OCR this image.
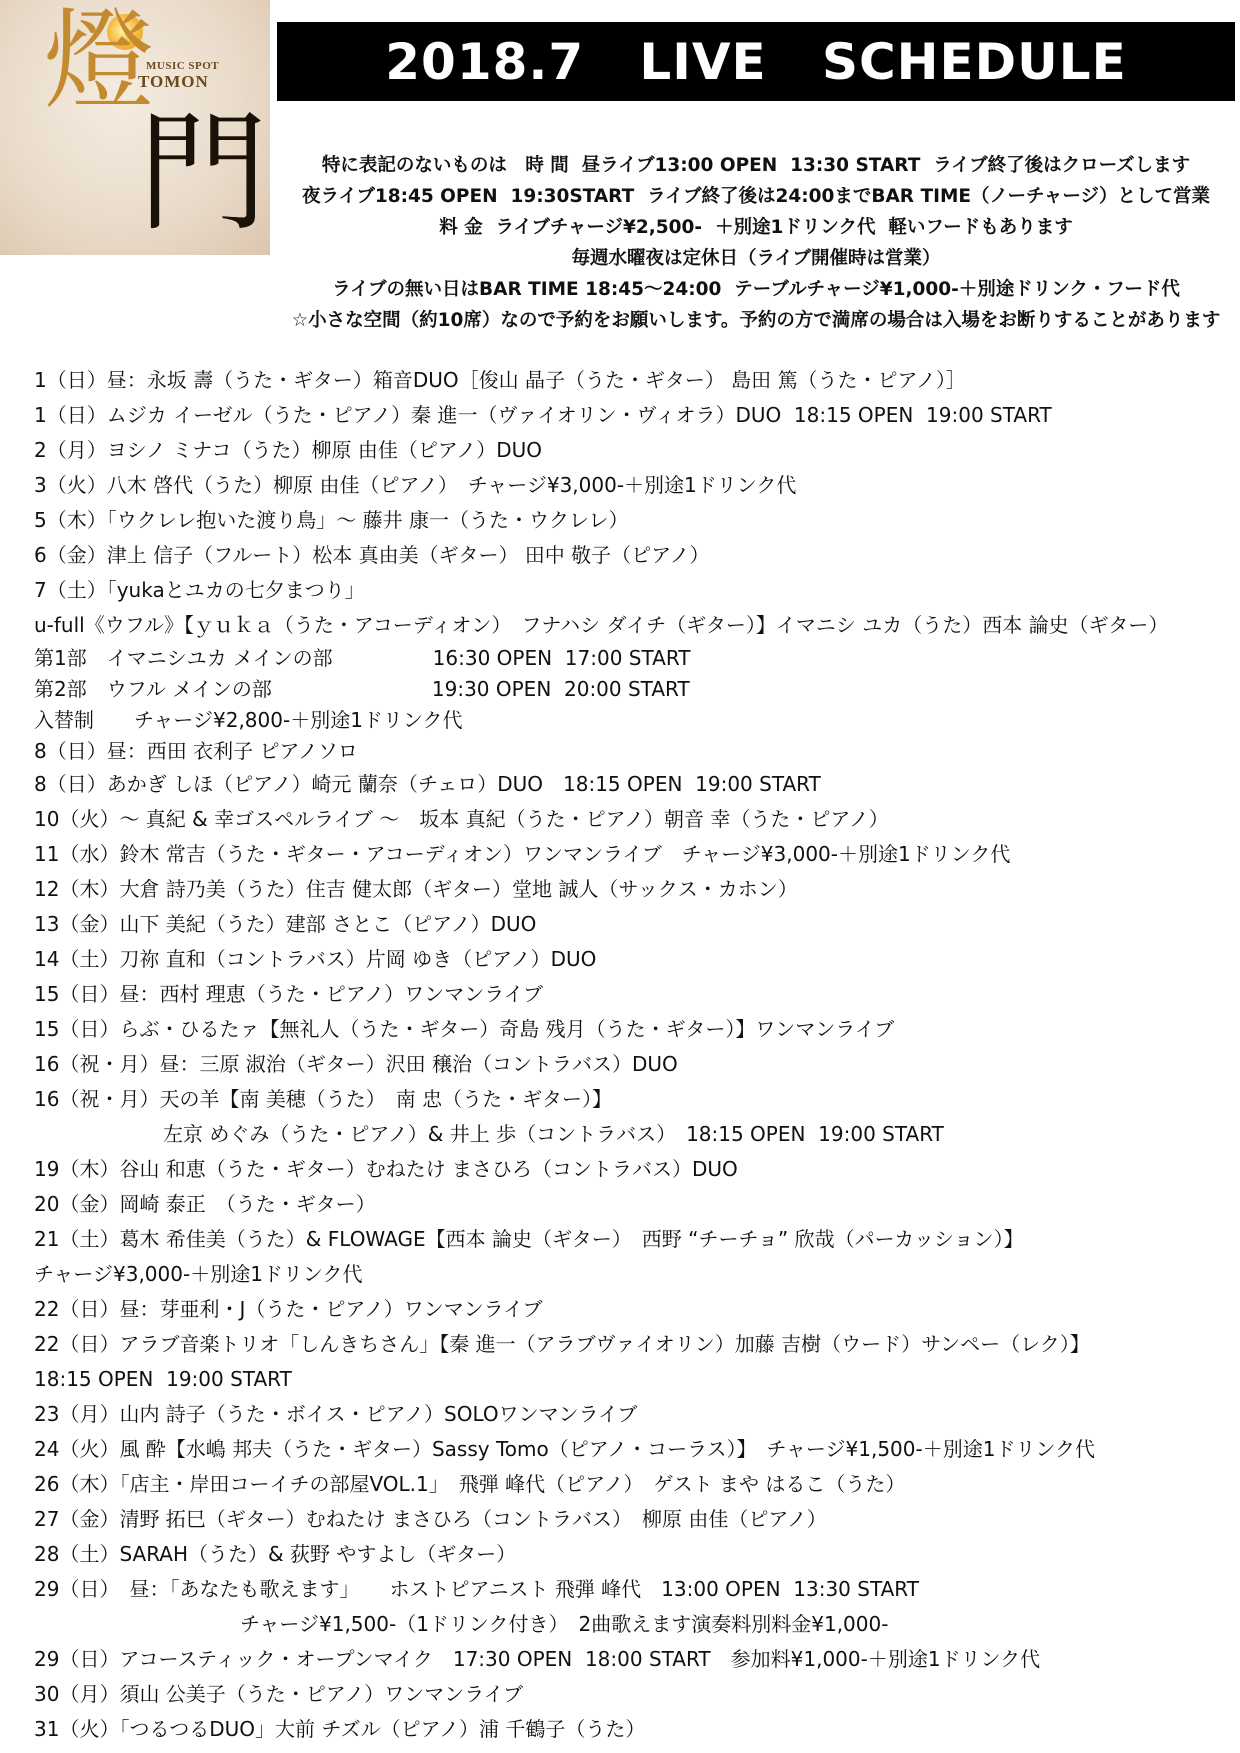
燈
MUSIC SPOT
TOMON
門
2018.7   LIVE   SCHEDULE
特に表記のないものは　時 間  昼ライブ13:00 OPEN  13:30 START  ライブ終了後はクローズします
夜ライブ18:45 OPEN  19:30START  ライブ終了後は24:00までBAR TIME（ノーチャージ）として営業
料 金  ライブチャージ¥2,500-  ＋別途1ドリンク代  軽いフードもあります
毎週水曜夜は定休日（ライブ開催時は営業）
ライブの無い日はBAR TIME 18:45〜24:00  テーブルチャージ¥1,000-＋別途ドリンク・フード代
☆小さな空間（約10席）なので予約をお願いします。予約の方で満席の場合は入場をお断りすることがあります
1（日）昼：永坂 壽（うた・ギター）箱音DUO［俊山 晶子（うた・ギター） 島田 篤（うた・ピアノ）］
1（日）ムジカ イーゼル（うた・ピアノ）秦 進一（ヴァイオリン・ヴィオラ）DUO  18:15 OPEN  19:00 START
2（月）ヨシノ ミナコ（うた）柳原 由佳（ピアノ）DUO
3（火）八木 啓代（うた）柳原 由佳（ピアノ）　チャージ¥3,000-＋別途1ドリンク代
5（木）「ウクレレ抱いた渡り鳥」〜 藤井 康一（うた・ウクレレ）
6（金）津上 信子（フルート）松本 真由美（ギター） 田中 敬子（ピアノ）
7（土）「yukaとユカの七夕まつり」
u-full《ウフル》【ｙｕｋａ（うた・アコーディオン）　フナハシ ダイチ（ギター）】イマニシ ユカ（うた）西本 論史（ギター）
第1部　イマニシユカ メインの部　　　　　16:30 OPEN  17:00 START
第2部　ウフル メインの部　　　　　　　　19:30 OPEN  20:00 START
入替制　　チャージ¥2,800-＋別途1ドリンク代
8（日）昼：西田 衣利子 ピアノソロ
8（日）あかぎ しほ（ピアノ）崎元 蘭奈（チェロ）DUO　18:15 OPEN  19:00 START
10（火）〜 真紀 & 幸ゴスペルライブ 〜　坂本 真紀（うた・ピアノ）朝音 幸（うた・ピアノ）
11（水）鈴木 常吉（うた・ギター・アコーディオン）ワンマンライブ　チャージ¥3,000-＋別途1ドリンク代
12（木）大倉 詩乃美（うた）住吉 健太郎（ギター）堂地 誠人（サックス・カホン）
13（金）山下 美紀（うた）建部 さとこ（ピアノ）DUO
14（土）刀祢 直和（コントラバス）片岡 ゆき（ピアノ）DUO
15（日）昼：西村 理恵（うた・ピアノ）ワンマンライブ
15（日）らぶ・ひるたァ【無礼人（うた・ギター）奇島 残月（うた・ギター）】ワンマンライブ
16（祝・月）昼：三原 淑治（ギター）沢田 穣治（コントラバス）DUO
16（祝・月）天の羊【南 美穂（うた）　南 忠（うた・ギター）】
左京 めぐみ（うた・ピアノ）& 井上 歩（コントラバス）　18:15 OPEN  19:00 START
19（木）谷山 和恵（うた・ギター）むねたけ まさひろ（コントラバス）DUO
20（金）岡崎 泰正　（うた・ギター）
21（土）葛木 希佳美（うた）& FLOWAGE【西本 論史（ギター）　西野 “チーチョ” 欣哉（パーカッション）】
チャージ¥3,000-＋別途1ドリンク代
22（日）昼：芽亜利・J（うた・ピアノ）ワンマンライブ
22（日）アラブ音楽トリオ「しんきちさん」【秦 進一（アラブヴァイオリン）加藤 吉樹（ウード）サンペー（レク）】
18:15 OPEN  19:00 START
23（月）山内 詩子（うた・ボイス・ピアノ）SOLOワンマンライブ
24（火）風 酔【水嶋 邦夫（うた・ギター）Sassy Tomo（ピアノ・コーラス）】　チャージ¥1,500-＋別途1ドリンク代
26（木）「店主・岸田コーイチの部屋VOL.1」　飛弾 峰代（ピアノ）　ゲスト まや はるこ（うた）
27（金）清野 拓巳（ギター）むねたけ まさひろ（コントラバス）　柳原 由佳（ピアノ）
28（土）SARAH（うた）& 荻野 やすよし（ギター）
29（日）　昼：「あなたも歌えます」　　ホストピアニスト 飛弾 峰代　13:00 OPEN  13:30 START
チャージ¥1,500-（1ドリンク付き）　2曲歌えます演奏料別料金¥1,000-
29（日）アコースティック・オープンマイク　17:30 OPEN  18:00 START　参加料¥1,000-＋別途1ドリンク代
30（月）須山 公美子（うた・ピアノ）ワンマンライブ
31（火）「つるつるDUO」大前 チズル（ピアノ）浦 千鶴子（うた）
